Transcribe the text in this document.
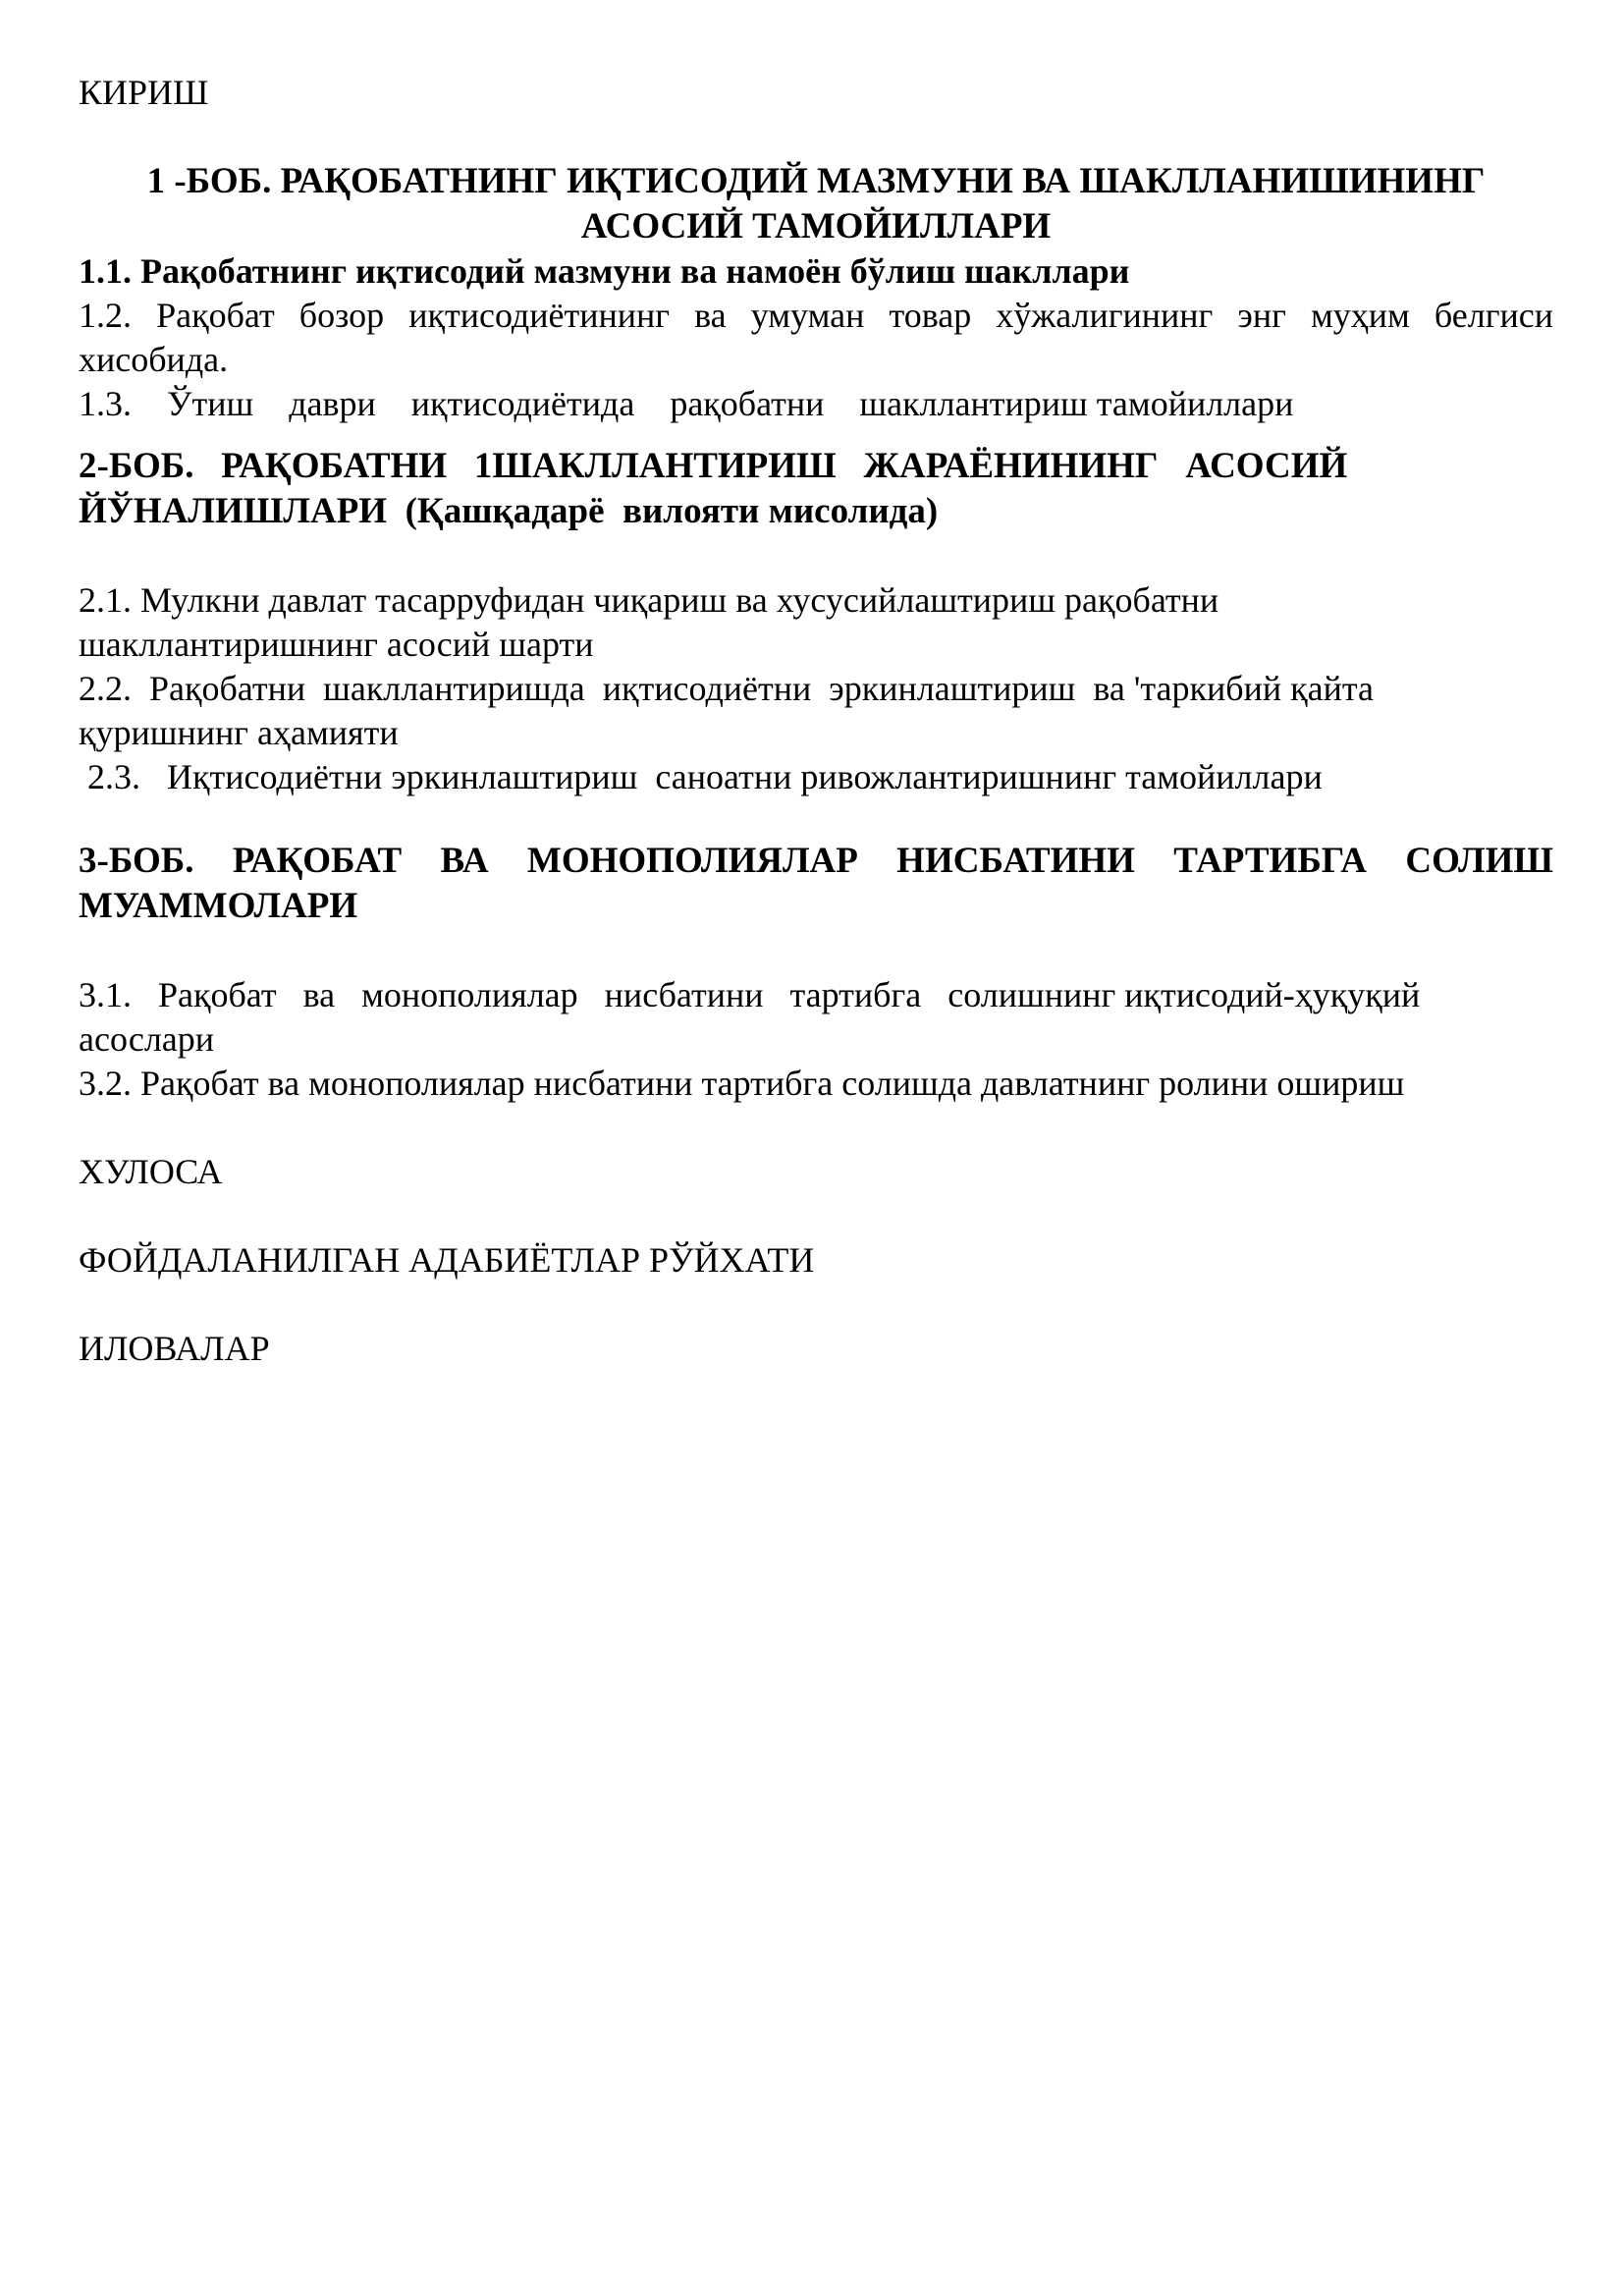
КИРИШ

1 -БОБ. РАҚОБАТНИНГ ИҚТИСОДИЙ МАЗМУНИ ВА ШАКЛЛАНИШИНИНГ

АСОСИЙ ТАМОЙИЛЛАРИ

1.1. Рақобатнинг иқтисодий мазмуни ва намоён бўлиш шакллари

1.2. Рақобат бозор иқтисодиётининг ва умуман товар хўжалигининг энг муҳим белгиси

хисобида.

1.3.    Ўтиш    даври    иқтисодиётида    рақобатни    шакллантириш тамойиллари

2-БОБ.   РАҚОБАТНИ   1ШАКЛЛАНТИРИШ   ЖАРАЁНИНИНГ   АСОСИЙ

ЙЎНАЛИШЛАРИ  (Қашқадарё  вилояти мисолида)

2.1. Мулкни давлат тасарруфидан чиқариш ва хусусийлаштириш рақобатни

шакллантиришнинг асосий шарти

2.2.  Рақобатни  шакллантиришда  иқтисодиётни  эркинлаштириш  ва 'таркибий қайта

қуришнинг аҳамияти

2.3.   Иқтисодиётни эркинлаштириш  саноатни ривожлантиришнинг тамойиллари

3-БОБ. РАҚОБАТ ВА МОНОПОЛИЯЛАР НИСБАТИНИ ТАРТИБГА СОЛИШ

МУАММОЛАРИ

3.1.   Рақобат   ва   монополиялар   нисбатини   тартибга   солишнинг иқтисодий-ҳуқуқий

асослари

3.2. Рақобат ва монополиялар нисбатини тартибга солишда давлатнинг ролини ошириш

ХУЛОСА

ФОЙДАЛАНИЛГАН АДАБИЁТЛАР РЎЙХАТИ

ИЛОВАЛАР
